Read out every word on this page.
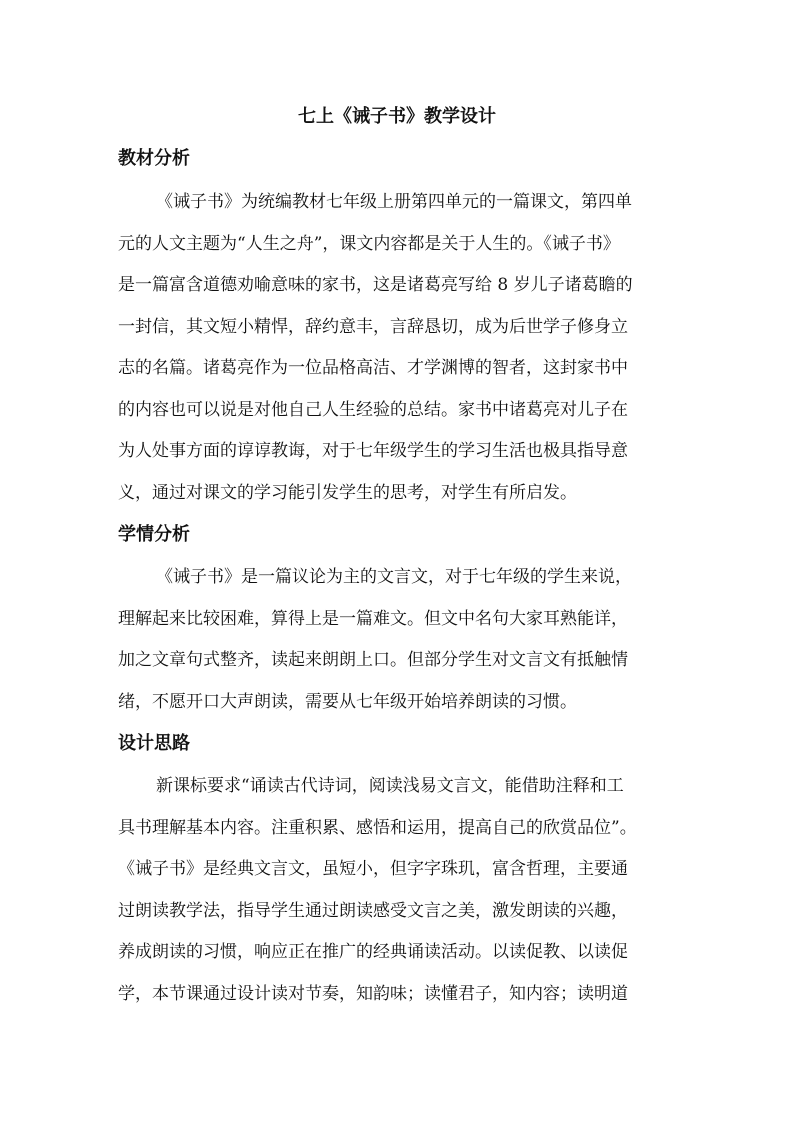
七上《诫子书》教学设计
教材分析
《诫子书》为统编教材七年级上册第四单元的一篇课文，第四单
元的人文主题为“人生之舟”，课文内容都是关于人生的。《诫子书》
是一篇富含道德劝喻意味的家书，这是诸葛亮写给 8 岁儿子诸葛瞻的
一封信，其文短小精悍，辞约意丰，言辞恳切，成为后世学子修身立
志的名篇。诸葛亮作为一位品格高洁、才学渊博的智者，这封家书中
的内容也可以说是对他自己人生经验的总结。家书中诸葛亮对儿子在
为人处事方面的谆谆教诲，对于七年级学生的学习生活也极具指导意
义，通过对课文的学习能引发学生的思考，对学生有所启发。
学情分析
《诫子书》是一篇议论为主的文言文，对于七年级的学生来说，
理解起来比较困难，算得上是一篇难文。但文中名句大家耳熟能详，
加之文章句式整齐，读起来朗朗上口。但部分学生对文言文有抵触情
绪，不愿开口大声朗读，需要从七年级开始培养朗读的习惯。
设计思路
新课标要求“诵读古代诗词，阅读浅易文言文，能借助注释和工
具书理解基本内容。注重积累、感悟和运用，提高自己的欣赏品位”。
《诫子书》是经典文言文，虽短小，但字字珠玑，富含哲理，主要通
过朗读教学法，指导学生通过朗读感受文言之美，激发朗读的兴趣，
养成朗读的习惯，响应正在推广的经典诵读活动。以读促教、以读促
学，本节课通过设计读对节奏，知韵味；读懂君子，知内容；读明道
